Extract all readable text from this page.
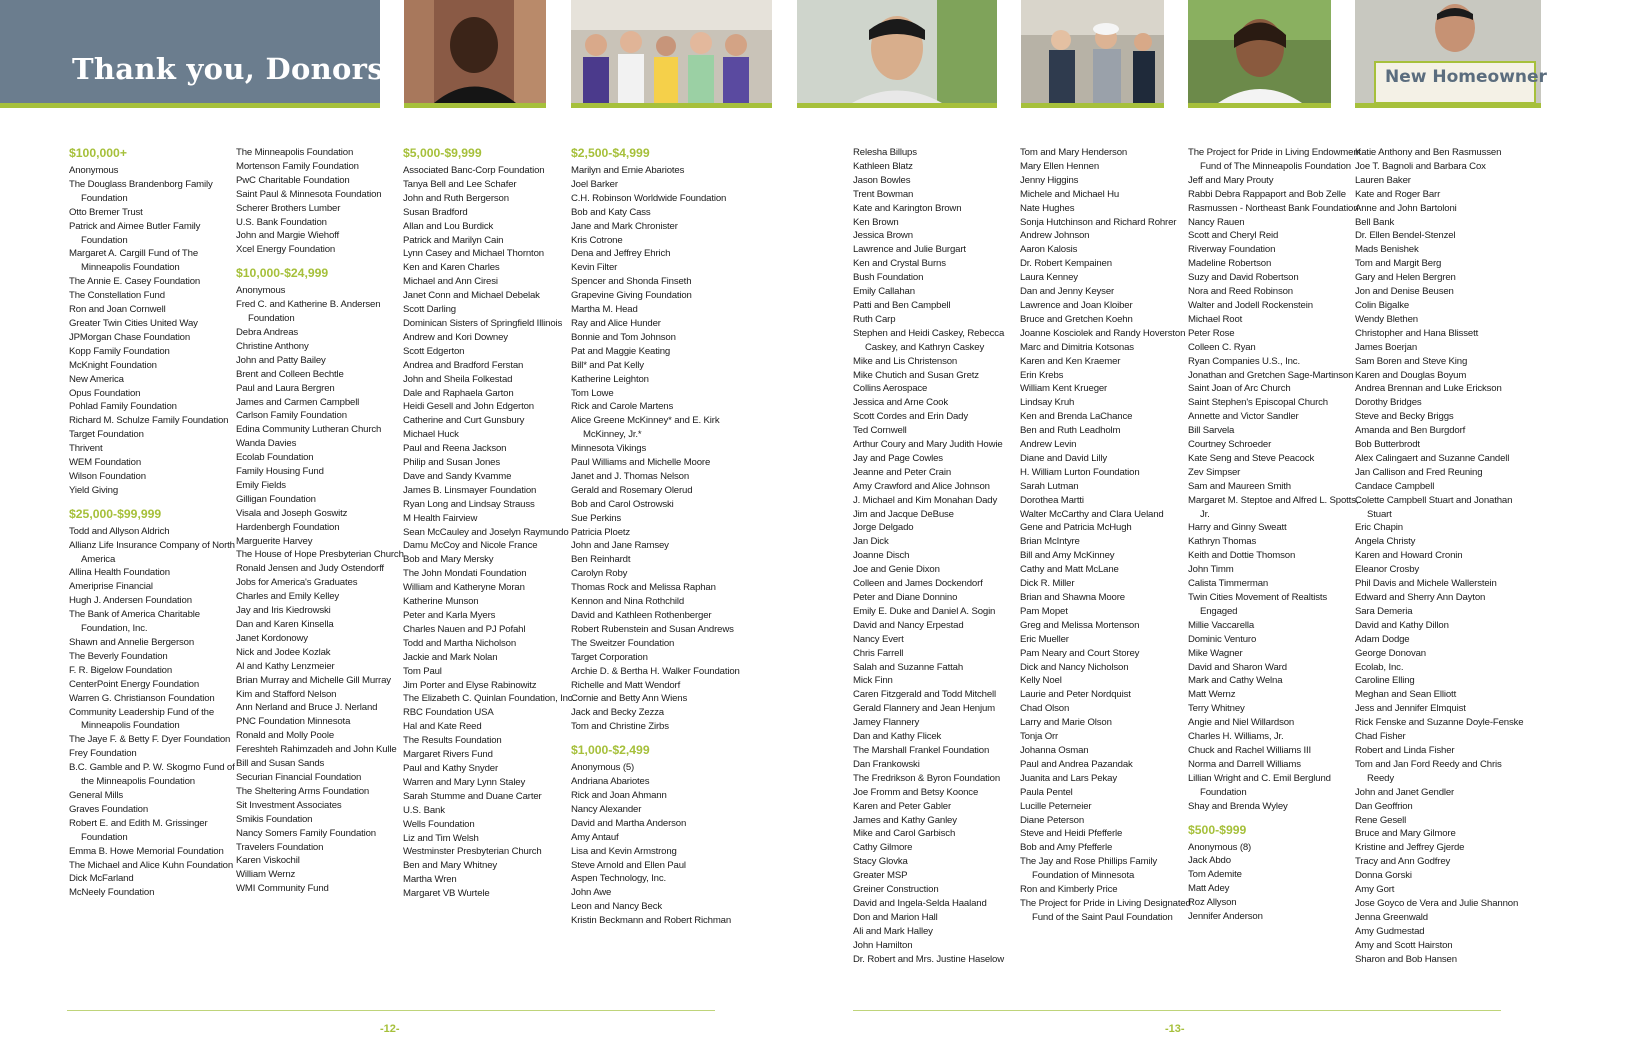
Thank you, Donors!	New Homeowner
$100,000+
Anonymous
The Douglass Brandenborg Family Foundation
Otto Bremer Trust
Patrick and Aimee Butler Family Foundation
Margaret A. Cargill Fund of The Minneapolis Foundation
The Annie E. Casey Foundation
The Constellation Fund
Ron and Joan Cornwell
Greater Twin Cities United Way
JPMorgan Chase Foundation
Kopp Family Foundation
McKnight Foundation
New America
Opus Foundation
Pohlad Family Foundation
Richard M. Schulze Family Foundation
Target Foundation
Thrivent
WEM Foundation
Wilson Foundation
Yield Giving
$25,000-$99,999
Todd and Allyson Aldrich
Allianz Life Insurance Company of North America
Allina Health Foundation
Ameriprise Financial
Hugh J. Andersen Foundation
The Bank of America Charitable Foundation, Inc.
Shawn and Annelie Bergerson
The Beverly Foundation
F. R. Bigelow Foundation
CenterPoint Energy Foundation
Warren G. Christianson Foundation
Community Leadership Fund of the Minneapolis Foundation
The Jaye F. & Betty F. Dyer Foundation
Frey Foundation
B.C. Gamble and P. W. Skogmo Fund of the Minneapolis Foundation
General Mills
Graves Foundation
Robert E. and Edith M. Grissinger Foundation
Emma B. Howe Memorial Foundation
The Michael and Alice Kuhn Foundation
Dick McFarland
McNeely Foundation
The Minneapolis Foundation
Mortenson Family Foundation
PwC Charitable Foundation
Saint Paul & Minnesota Foundation
Scherer Brothers Lumber
U.S. Bank Foundation
John and Margie Wiehoff
Xcel Energy Foundation
$10,000-$24,999
Anonymous
Fred C. and Katherine B. Andersen Foundation
Debra Andreas
Christine Anthony
John and Patty Bailey
Brent and Colleen Bechtle
Paul and Laura Bergren
James and Carmen Campbell
Carlson Family Foundation
Edina Community Lutheran Church
Wanda Davies
Ecolab Foundation
Family Housing Fund
Emily Fields
Gilligan Foundation
Visala and Joseph Goswitz
Hardenbergh Foundation
Marguerite Harvey
The House of Hope Presbyterian Church
Ronald Jensen and Judy Ostendorff
Jobs for America's Graduates
Charles and Emily Kelley
Jay and Iris Kiedrowski
Dan and Karen Kinsella
Janet Kordonowy
Nick and Jodee Kozlak
Al and Kathy Lenzmeier
Brian Murray and Michelle Gill Murray
Kim and Stafford Nelson
Ann Nerland and Bruce J. Nerland
PNC Foundation Minnesota
Ronald and Molly Poole
Fereshteh Rahimzadeh and John Kulle
Bill and Susan Sands
Securian Financial Foundation
The Sheltering Arms Foundation
Sit Investment Associates
Smikis Foundation
Nancy Somers Family Foundation
Travelers Foundation
Karen Viskochil
William Wernz
WMI Community Fund
$5,000-$9,999
Associated Banc-Corp Foundation
Tanya Bell and Lee Schafer
John and Ruth Bergerson
Susan Bradford
Allan and Lou Burdick
Patrick and Marilyn Cain
Lynn Casey and Michael Thornton
Ken and Karen Charles
Michael and Ann Ciresi
Janet Conn and Michael Debelak
Scott Darling
Dominican Sisters of Springfield Illinois
Andrew and Kori Downey
Scott Edgerton
Andrea and Bradford Ferstan
John and Sheila Folkestad
Dale and Raphaela Garton
Heidi Gesell and John Edgerton
Catherine and Curt Gunsbury
Michael Huck
Paul and Reena Jackson
Philip and Susan Jones
Dave and Sandy Kvamme
James B. Linsmayer Foundation
Ryan Long and Lindsay Strauss
M Health Fairview
Sean McCauley and Joselyn Raymundo
Damu McCoy and Nicole France
Bob and Mary Mersky
The John Mondati Foundation
William and Katheryne Moran
Katherine Munson
Peter and Karla Myers
Charles Nauen and PJ Pofahl
Todd and Martha Nicholson
Jackie and Mark Nolan
Tom Paul
Jim Porter and Elyse Rabinowitz
The Elizabeth C. Quinlan Foundation, Inc.
RBC Foundation USA
Hal and Kate Reed
The Results Foundation
Margaret Rivers Fund
Paul and Kathy Snyder
Warren and Mary Lynn Staley
Sarah Stumme and Duane Carter
U.S. Bank
Wells Foundation
Liz and Tim Welsh
Westminster Presbyterian Church
Ben and Mary Whitney
Martha Wren
Margaret VB Wurtele
$2,500-$4,999
Marilyn and Ernie Abariotes
Joel Barker
C.H. Robinson Worldwide Foundation
Bob and Katy Cass
Jane and Mark Chronister
Kris Cotrone
Dena and Jeffrey Ehrich
Kevin Filter
Spencer and Shonda Finseth
Grapevine Giving Foundation
Martha M. Head
Ray and Alice Hunder
Bonnie and Tom Johnson
Pat and Maggie Keating
Bill* and Pat Kelly
Katherine Leighton
Tom Lowe
Rick and Carole Martens
Alice Greene McKinney* and E. Kirk McKinney, Jr.*
Minnesota Vikings
Paul Williams and Michelle Moore
Janet and J. Thomas Nelson
Gerald and Rosemary Olerud
Bob and Carol Ostrowski
Sue Perkins
Patricia Ploetz
John and Jane Ramsey
Ben Reinhardt
Carolyn Roby
Thomas Rock and Melissa Raphan
Kennon and Nina Rothchild
David and Kathleen Rothenberger
Robert Rubenstein and Susan Andrews
The Sweitzer Foundation
Target Corporation
Archie D. & Bertha H. Walker Foundation
Richelle and Matt Wendorf
Cornie and Betty Ann Wiens
Jack and Becky Zezza
Tom and Christine Zirbs
$1,000-$2,499
Anonymous (5)
Andriana Abariotes
Rick and Joan Ahmann
Nancy Alexander
David and Martha Anderson
Amy Antauf
Lisa and Kevin Armstrong
Steve Arnold and Ellen Paul
Aspen Technology, Inc.
John Awe
Leon and Nancy Beck
Kristin Beckmann and Robert Richman
Relesha Billups
Kathleen Blatz
Jason Bowles
Trent Bowman
Kate and Karington Brown
Ken Brown
Jessica Brown
Lawrence and Julie Burgart
Ken and Crystal Burns
Bush Foundation
Emily Callahan
Patti and Ben Campbell
Ruth Carp
Stephen and Heidi Caskey, Rebecca Caskey, and Kathryn Caskey
Mike and Lis Christenson
Mike Chutich and Susan Gretz
Collins Aerospace
Jessica and Arne Cook
Scott Cordes and Erin Dady
Ted Cornwell
Arthur Coury and Mary Judith Howie
Jay and Page Cowles
Jeanne and Peter Crain
Amy Crawford and Alice Johnson
J. Michael and Kim Monahan Dady
Jim and Jacque DeBuse
Jorge Delgado
Jan Dick
Joanne Disch
Joe and Genie Dixon
Colleen and James Dockendorf
Peter and Diane Donnino
Emily E. Duke and Daniel A. Sogin
David and Nancy Erpestad
Nancy Evert
Chris Farrell
Salah and Suzanne Fattah
Mick Finn
Caren Fitzgerald and Todd Mitchell
Gerald Flannery and Jean Henjum
Jamey Flannery
Dan and Kathy Flicek
The Marshall Frankel Foundation
Dan Frankowski
The Fredrikson & Byron Foundation
Joe Fromm and Betsy Koonce
Karen and Peter Gabler
James and Kathy Ganley
Mike and Carol Garbisch
Cathy Gilmore
Stacy Glovka
Greater MSP
Greiner Construction
David and Ingela-Selda Haaland
Don and Marion Hall
Ali and Mark Halley
John Hamilton
Dr. Robert and Mrs. Justine Haselow
Tom and Mary Henderson
Mary Ellen Hennen
Jenny Higgins
Michele and Michael Hu
Nate Hughes
Sonja Hutchinson and Richard Rohrer
Andrew Johnson
Aaron Kalosis
Dr. Robert Kempainen
Laura Kenney
Dan and Jenny Keyser
Lawrence and Joan Kloiber
Bruce and Gretchen Koehn
Joanne Kosciolek and Randy Hoverston
Marc and Dimitria Kotsonas
Karen and Ken Kraemer
Erin Krebs
William Kent Krueger
Lindsay Kruh
Ken and Brenda LaChance
Ben and Ruth Leadholm
Andrew Levin
Diane and David Lilly
H. William Lurton Foundation
Sarah Lutman
Dorothea Martti
Walter McCarthy and Clara Ueland
Gene and Patricia McHugh
Brian McIntyre
Bill and Amy McKinney
Cathy and Matt McLane
Dick R. Miller
Brian and Shawna Moore
Pam Mopet
Greg and Melissa Mortenson
Eric Mueller
Pam Neary and Court Storey
Dick and Nancy Nicholson
Kelly Noel
Laurie and Peter Nordquist
Chad Olson
Larry and Marie Olson
Tonja Orr
Johanna Osman
Paul and Andrea Pazandak
Juanita and Lars Pekay
Paula Pentel
Lucille Peterneier
Diane Peterson
Steve and Heidi Pfefferle
Bob and Amy Pfefferle
The Jay and Rose Phillips Family Foundation of Minnesota
Ron and Kimberly Price
The Project for Pride in Living Designated Fund of the Saint Paul Foundation
The Project for Pride in Living Endowment Fund of The Minneapolis Foundation
Jeff and Mary Prouty
Rabbi Debra Rappaport and Bob Zelle
Rasmussen - Northeast Bank Foundation
Nancy Rauen
Scott and Cheryl Reid
Riverway Foundation
Madeline Robertson
Suzy and David Robertson
Nora and Reed Robinson
Walter and Jodell Rockenstein
Michael Root
Peter Rose
Colleen C. Ryan
Ryan Companies U.S., Inc.
Jonathan and Gretchen Sage-Martinson
Saint Joan of Arc Church
Saint Stephen's Episcopal Church
Annette and Victor Sandler
Bill Sarvela
Courtney Schroeder
Kate Seng and Steve Peacock
Zev Simpser
Sam and Maureen Smith
Margaret M. Steptoe and Alfred L. Spotts, Jr.
Harry and Ginny Sweatt
Kathryn Thomas
Keith and Dottie Thomson
John Timm
Calista Timmerman
Twin Cities Movement of Realtists Engaged
Millie Vaccarella
Dominic Venturo
Mike Wagner
David and Sharon Ward
Mark and Cathy Welna
Matt Wernz
Terry Whitney
Angie and Niel Willardson
Charles H. Williams, Jr.
Chuck and Rachel Williams III
Norma and Darrell Williams
Lillian Wright and C. Emil Berglund Foundation
Shay and Brenda Wyley
$500-$999
Anonymous (8)
Jack Abdo
Tom Ademite
Matt Adey
Roz Allyson
Jennifer Anderson
Katie Anthony and Ben Rasmussen
Joe T. Bagnoli and Barbara Cox
Lauren Baker
Kate and Roger Barr
Anne and John Bartoloni
Bell Bank
Dr. Ellen Bendel-Stenzel
Mads Benishek
Tom and Margit Berg
Gary and Helen Bergren
Jon and Denise Beusen
Colin Bigalke
Wendy Blethen
Christopher and Hana Blissett
James Boerjan
Sam Boren and Steve King
Karen and Douglas Boyum
Andrea Brennan and Luke Erickson
Dorothy Bridges
Steve and Becky Briggs
Amanda and Ben Burgdorf
Bob Butterbrodt
Alex Calingaert and Suzanne Candell
Jan Callison and Fred Reuning
Candace Campbell
Colette Campbell Stuart and Jonathan Stuart
Eric Chapin
Angela Christy
Karen and Howard Cronin
Eleanor Crosby
Phil Davis and Michele Wallerstein
Edward and Sherry Ann Dayton
Sara Demeria
David and Kathy Dillon
Adam Dodge
George Donovan
Ecolab, Inc.
Caroline Elling
Meghan and Sean Elliott
Jess and Jennifer Elmquist
Rick Fenske and Suzanne Doyle-Fenske
Chad Fisher
Robert and Linda Fisher
Tom and Jan Ford Reedy and Chris Reedy
John and Janet Gendler
Dan Geoffrion
Rene Gesell
Bruce and Mary Gilmore
Kristine and Jeffrey Gjerde
Tracy and Ann Godfrey
Donna Gorski
Amy Gort
Jose Goyco de Vera and Julie Shannon
Jenna Greenwald
Amy Gudmestad
Amy and Scott Hairston
Sharon and Bob Hansen
-12-	-13-
